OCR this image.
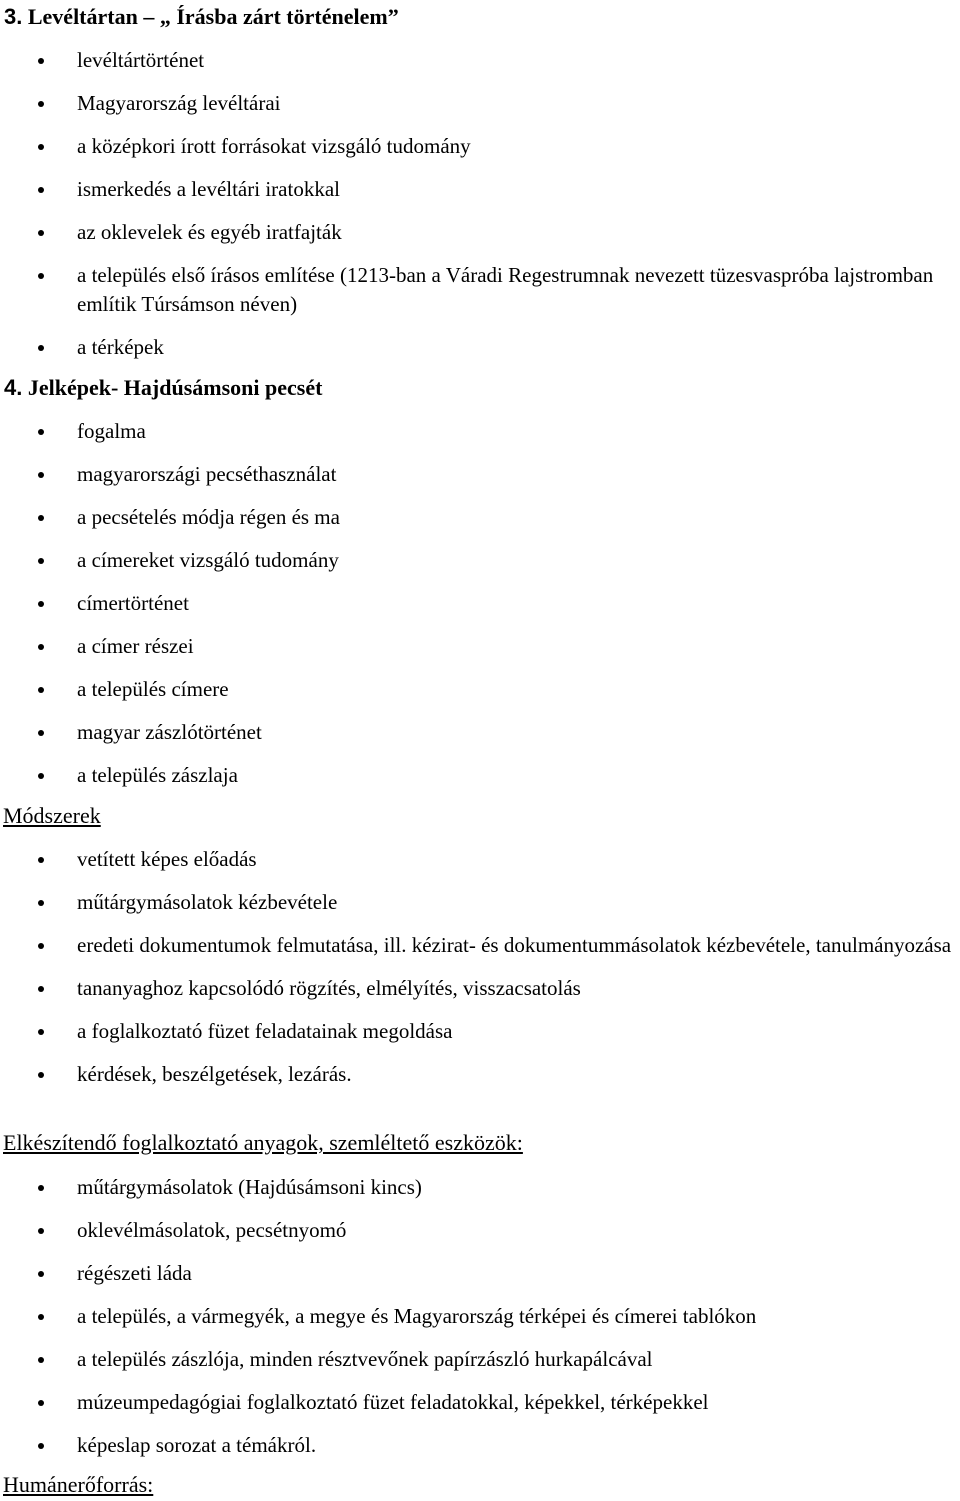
3. Levéltártan – „ Írásba zárt történelem”
levéltártörténet
Magyarország levéltárai
a középkori írott forrásokat vizsgáló tudomány
ismerkedés a levéltári iratokkal
az oklevelek és egyéb iratfajták
a település első írásos említése (1213-ban a Váradi Regestrumnak nevezett tüzesvaspróba lajstromban említik Túrsámson néven)
a térképek
4. Jelképek- Hajdúsámsoni pecsét
fogalma
magyarországi pecséthasználat
a pecsételés módja régen és ma
a címereket vizsgáló tudomány
címertörténet
a címer részei
a település címere
magyar zászlótörténet
a település zászlaja
Módszerek
vetített képes előadás
műtárgymásolatok kézbevétele
eredeti dokumentumok felmutatása, ill. kézirat- és dokumentummásolatok kézbevétele, tanulmányozása
tananyaghoz kapcsolódó rögzítés, elmélyítés, visszacsatolás
a foglalkoztató füzet feladatainak megoldása
kérdések, beszélgetések, lezárás.
Elkészítendő foglalkoztató anyagok, szemléltető eszközök:
műtárgymásolatok (Hajdúsámsoni kincs)
oklevélmásolatok, pecsétnyomó
régészeti láda
a település, a vármegyék, a megye és Magyarország térképei és címerei tablókon
a település zászlója, minden résztvevőnek papírzászló hurkapálcával
múzeumpedagógiai foglalkoztató füzet feladatokkal, képekkel, térképekkel
képeslap sorozat a témákról.
Humánerőforrás:
